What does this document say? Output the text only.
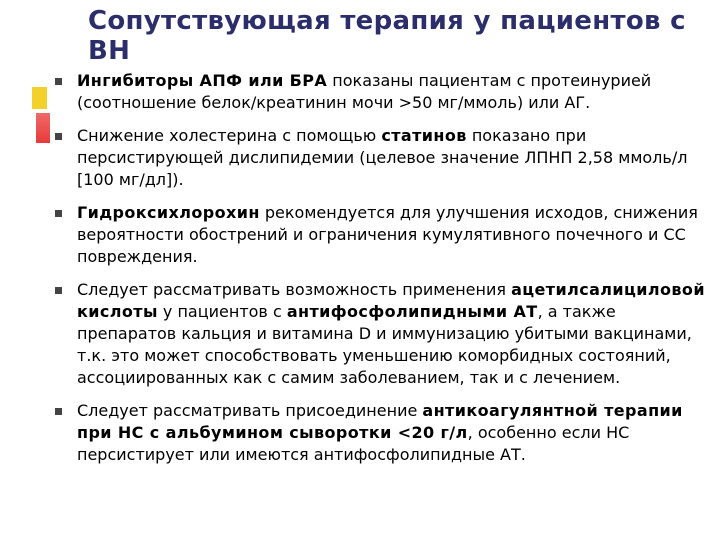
Сопутствующая терапия у пациентов с ВН
Ингибиторы АПФ или БРА показаны пациентам с протеинурией (соотношение белок/креатинин мочи >50 мг/ммоль) или АГ.
Снижение холестерина с помощью статинов показано при персистирующей дислипидемии (целевое значение ЛПНП 2,58 ммоль/л [100 мг/дл]).
Гидроксихлорохин рекомендуется для улучшения исходов, снижения вероятности обострений и ограничения кумулятивного почечного и СС повреждения.
Следует рассматривать возможность применения ацетилсалициловой кислоты у пациентов с антифосфолипидными АТ, а также препаратов кальция и витамина D и иммунизацию убитыми вакцинами, т.к. это может способствовать уменьшению коморбидных состояний, ассоциированных как с самим заболеванием, так и с лечением.
Следует рассматривать присоединение антикоагулянтной терапии при НС с альбумином сыворотки <20 г/л, особенно если НС персистирует или имеются антифосфолипидные АТ.
